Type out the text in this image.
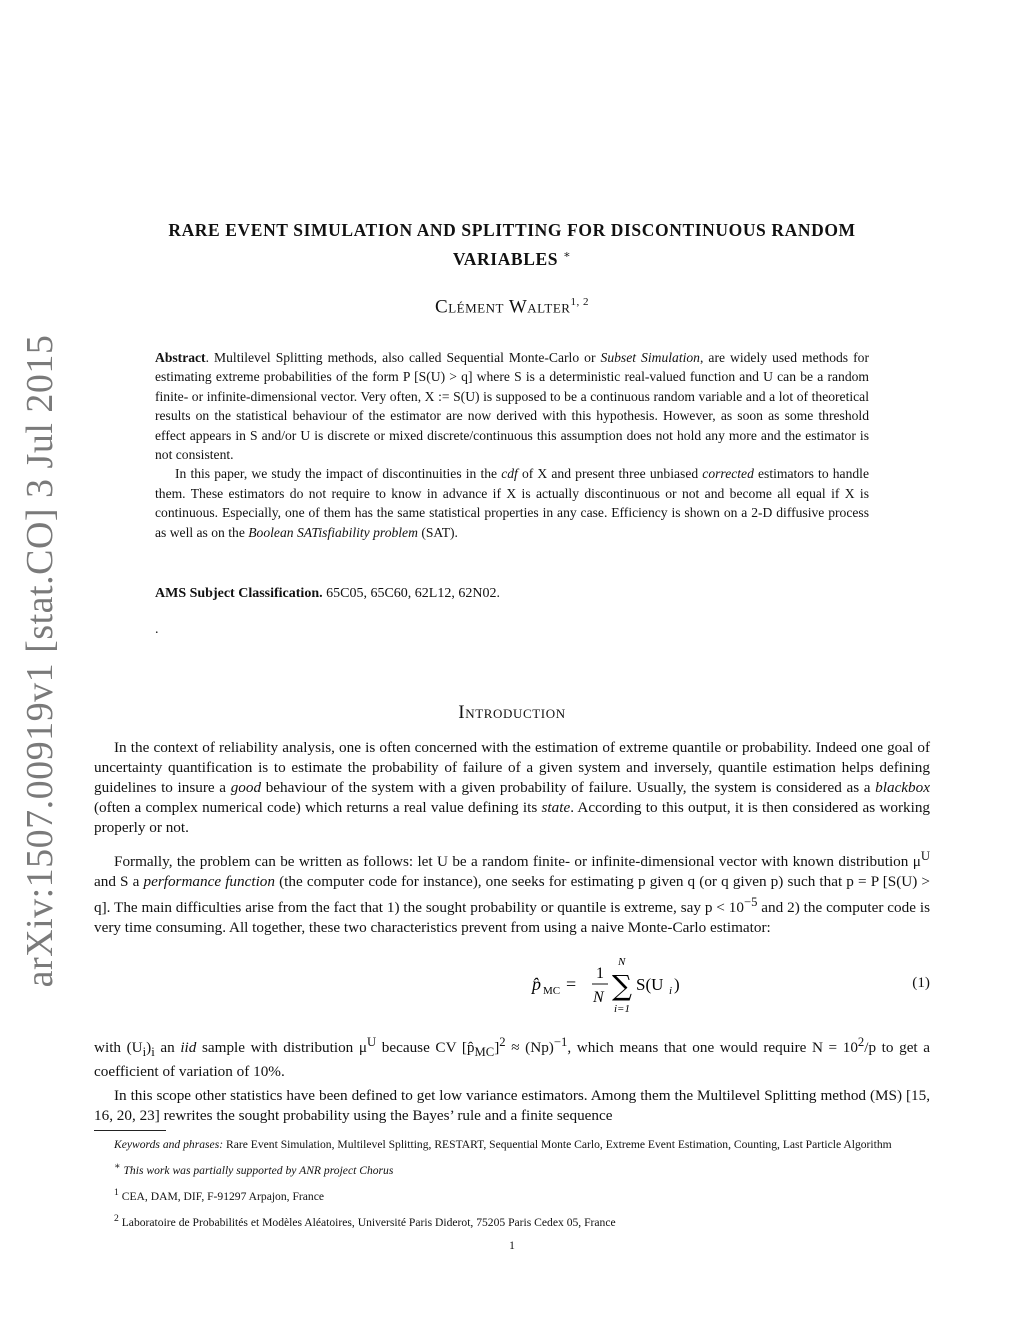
arXiv:1507.00919v1 [stat.CO] 3 Jul 2015
RARE EVENT SIMULATION AND SPLITTING FOR DISCONTINUOUS RANDOM
VARIABLES ∗
Clément Walter$^{1, 2}$

Abstract. Multilevel Splitting methods, also called Sequential Monte-Carlo or Subset Simulation, are widely used methods for estimating extreme probabilities of the form P [S(U) > q] where S is a deterministic real-valued function and U can be a random finite- or infinite-dimensional vector. Very often, X := S(U) is supposed to be a continuous random variable and a lot of theoretical results on the statistical behaviour of the estimator are now derived with this hypothesis. However, as soon as some threshold effect appears in S and/or U is discrete or mixed discrete/continuous this assumption does not hold any more and the estimator is not consistent.

In this paper, we study the impact of discontinuities in the cdf of X and present three unbiased corrected estimators to handle them. These estimators do not require to know in advance if X is actually discontinuous or not and become all equal if X is continuous. Especially, one of them has the same statistical properties in any case. Efficiency is shown on a 2-D diffusive process as well as on the Boolean SATisfiability problem (SAT).

AMS Subject Classification. 65C05, 65C60, 62L12, 62N02.
.
Introduction

In the context of reliability analysis, one is often concerned with the estimation of extreme quantile or probability. Indeed one goal of uncertainty quantification is to estimate the probability of failure of a given system and inversely, quantile estimation helps defining guidelines to insure a good behaviour of the system with a given probability of failure. Usually, the system is considered as a blackbox (often a complex numerical code) which returns a real value defining its state. According to this output, it is then considered as working properly or not.

Formally, the problem can be written as follows: let U be a random finite- or infinite-dimensional vector with known distribution $\mu^U$ and S a performance function (the computer code for instance), one seeks for estimating p given q (or q given p) such that p = P [S(U) > q]. The main difficulties arise from the fact that 1) the sought probability or quantile is extreme, say $p < 10^{-5}$ and 2) the computer code is very time consuming. All together, these two characteristics prevent from using a naive Monte-Carlo estimator:

p̂ MC =
1
N
N
∑
i=1
S(U i )	(1)

with $(U_i)_i$ an iid sample with distribution $\mu^U$ because CV $[p̂_{MC}]^2 \approx (Np)^{-1}$, which means that one would require $N = 10^2/p$ to get a coefficient of variation of 10%.

In this scope other statistics have been defined to get low variance estimators. Among them the Multilevel Splitting method (MS) [15, 16, 20, 23] rewrites the sought probability using the Bayes’ rule and a finite sequence

Keywords and phrases: Rare Event Simulation, Multilevel Splitting, RESTART, Sequential Monte Carlo, Extreme Event Estimation, Counting, Last Particle Algorithm

∗ This work was partially supported by ANR project Chorus

$^1$ CEA, DAM, DIF, F-91297 Arpajon, France

$^2$ Laboratoire de Probabilités et Modèles Aléatoires, Université Paris Diderot, 75205 Paris Cedex 05, France

1
